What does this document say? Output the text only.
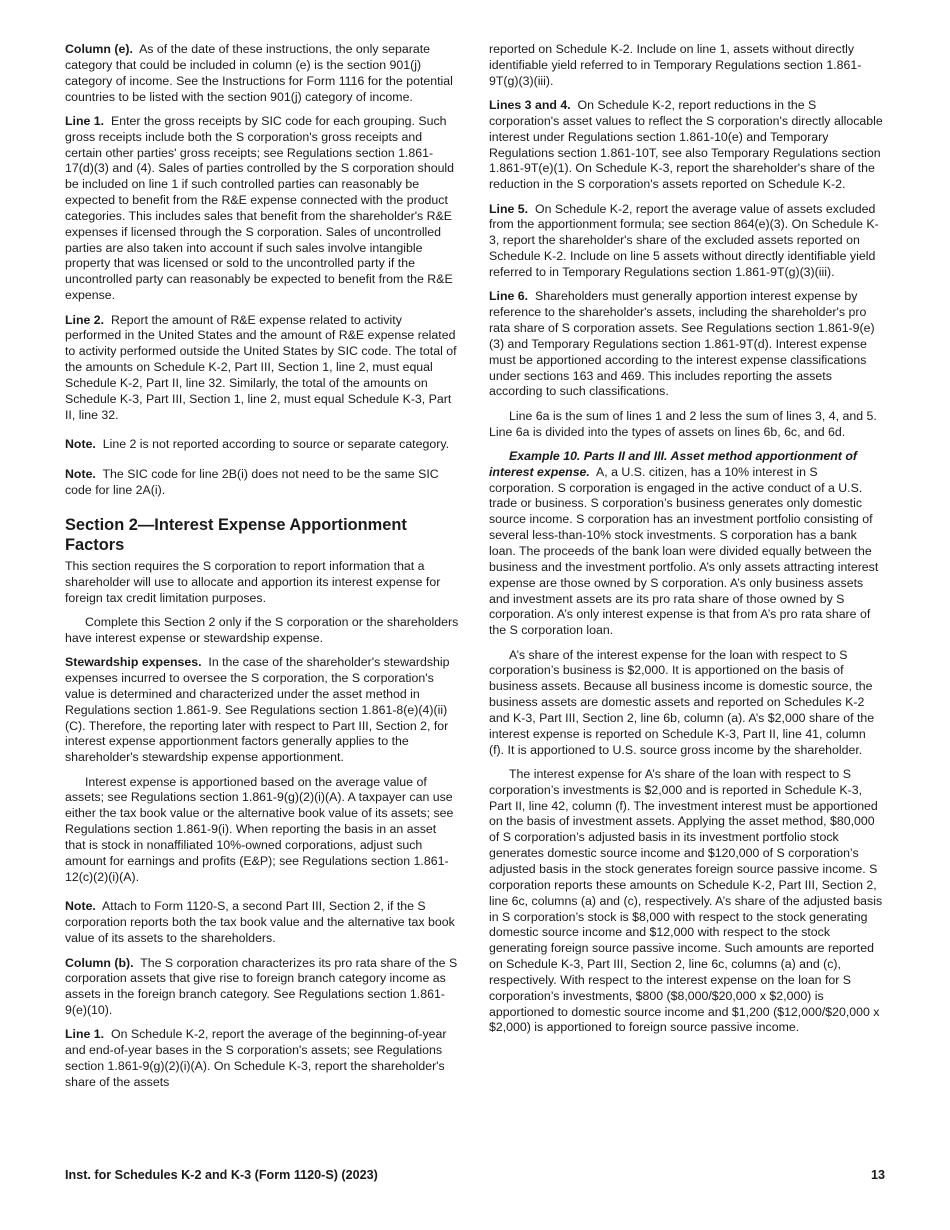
Column (e). As of the date of these instructions, the only separate category that could be included in column (e) is the section 901(j) category of income. See the Instructions for Form 1116 for the potential countries to be listed with the section 901(j) category of income.

Line 1. Enter the gross receipts by SIC code for each grouping. Such gross receipts include both the S corporation's gross receipts and certain other parties' gross receipts; see Regulations section 1.861-17(d)(3) and (4). Sales of parties controlled by the S corporation should be included on line 1 if such controlled parties can reasonably be expected to benefit from the R&E expense connected with the product categories. This includes sales that benefit from the shareholder's R&E expenses if licensed through the S corporation. Sales of uncontrolled parties are also taken into account if such sales involve intangible property that was licensed or sold to the uncontrolled party if the uncontrolled party can reasonably be expected to benefit from the R&E expense.

Line 2. Report the amount of R&E expense related to activity performed in the United States and the amount of R&E expense related to activity performed outside the United States by SIC code. The total of the amounts on Schedule K-2, Part III, Section 1, line 2, must equal Schedule K-2, Part II, line 32. Similarly, the total of the amounts on Schedule K-3, Part III, Section 1, line 2, must equal Schedule K-3, Part II, line 32.

Note. Line 2 is not reported according to source or separate category.

Note. The SIC code for line 2B(i) does not need to be the same SIC code for line 2A(i).

Section 2—Interest Expense Apportionment Factors

This section requires the S corporation to report information that a shareholder will use to allocate and apportion its interest expense for foreign tax credit limitation purposes.

Complete this Section 2 only if the S corporation or the shareholders have interest expense or stewardship expense.

Stewardship expenses. In the case of the shareholder's stewardship expenses incurred to oversee the S corporation, the S corporation's value is determined and characterized under the asset method in Regulations section 1.861-9. See Regulations section 1.861-8(e)(4)(ii)(C). Therefore, the reporting later with respect to Part III, Section 2, for interest expense apportionment factors generally applies to the shareholder's stewardship expense apportionment.

Interest expense is apportioned based on the average value of assets; see Regulations section 1.861-9(g)(2)(i)(A). A taxpayer can use either the tax book value or the alternative book value of its assets; see Regulations section 1.861-9(i). When reporting the basis in an asset that is stock in nonaffiliated 10%-owned corporations, adjust such amount for earnings and profits (E&P); see Regulations section 1.861-12(c)(2)(i)(A).

Note. Attach to Form 1120-S, a second Part III, Section 2, if the S corporation reports both the tax book value and the alternative tax book value of its assets to the shareholders.

Column (b). The S corporation characterizes its pro rata share of the S corporation assets that give rise to foreign branch category income as assets in the foreign branch category. See Regulations section 1.861-9(e)(10).

Line 1. On Schedule K-2, report the average of the beginning-of-year and end-of-year bases in the S corporation's assets; see Regulations section 1.861-9(g)(2)(i)(A). On Schedule K-3, report the shareholder's share of the assets

reported on Schedule K-2. Include on line 1, assets without directly identifiable yield referred to in Temporary Regulations section 1.861-9T(g)(3)(iii).

Lines 3 and 4. On Schedule K-2, report reductions in the S corporation's asset values to reflect the S corporation's directly allocable interest under Regulations section 1.861-10(e) and Temporary Regulations section 1.861-10T, see also Temporary Regulations section 1.861-9T(e)(1). On Schedule K-3, report the shareholder's share of the reduction in the S corporation's assets reported on Schedule K-2.

Line 5. On Schedule K-2, report the average value of assets excluded from the apportionment formula; see section 864(e)(3). On Schedule K-3, report the shareholder's share of the excluded assets reported on Schedule K-2. Include on line 5 assets without directly identifiable yield referred to in Temporary Regulations section 1.861-9T(g)(3)(iii).

Line 6. Shareholders must generally apportion interest expense by reference to the shareholder's assets, including the shareholder's pro rata share of S corporation assets. See Regulations section 1.861-9(e)(3) and Temporary Regulations section 1.861-9T(d). Interest expense must be apportioned according to the interest expense classifications under sections 163 and 469. This includes reporting the assets according to such classifications.

Line 6a is the sum of lines 1 and 2 less the sum of lines 3, 4, and 5. Line 6a is divided into the types of assets on lines 6b, 6c, and 6d.

Example 10. Parts II and III. Asset method apportionment of interest expense. A, a U.S. citizen, has a 10% interest in S corporation. S corporation is engaged in the active conduct of a U.S. trade or business. S corporation’s business generates only domestic source income. S corporation has an investment portfolio consisting of several less-than-10% stock investments. S corporation has a bank loan. The proceeds of the bank loan were divided equally between the business and the investment portfolio. A’s only assets attracting interest expense are those owned by S corporation. A’s only business assets and investment assets are its pro rata share of those owned by S corporation. A’s only interest expense is that from A’s pro rata share of the S corporation loan.

A’s share of the interest expense for the loan with respect to S corporation’s business is $2,000. It is apportioned on the basis of business assets. Because all business income is domestic source, the business assets are domestic assets and reported on Schedules K-2 and K-3, Part III, Section 2, line 6b, column (a). A’s $2,000 share of the interest expense is reported on Schedule K-3, Part II, line 41, column (f). It is apportioned to U.S. source gross income by the shareholder.

The interest expense for A’s share of the loan with respect to S corporation’s investments is $2,000 and is reported in Schedule K-3, Part II, line 42, column (f). The investment interest must be apportioned on the basis of investment assets. Applying the asset method, $80,000 of S corporation’s adjusted basis in its investment portfolio stock generates domestic source income and $120,000 of S corporation’s adjusted basis in the stock generates foreign source passive income. S corporation reports these amounts on Schedule K-2, Part III, Section 2, line 6c, columns (a) and (c), respectively. A’s share of the adjusted basis in S corporation’s stock is $8,000 with respect to the stock generating domestic source income and $12,000 with respect to the stock generating foreign source passive income. Such amounts are reported on Schedule K-3, Part III, Section 2, line 6c, columns (a) and (c), respectively. With respect to the interest expense on the loan for S corporation’s investments, $800 ($8,000/$20,000 x $2,000) is apportioned to domestic source income and $1,200 ($12,000/$20,000 x $2,000) is apportioned to foreign source passive income.

Inst. for Schedules K-2 and K-3 (Form 1120-S) (2023)	13
